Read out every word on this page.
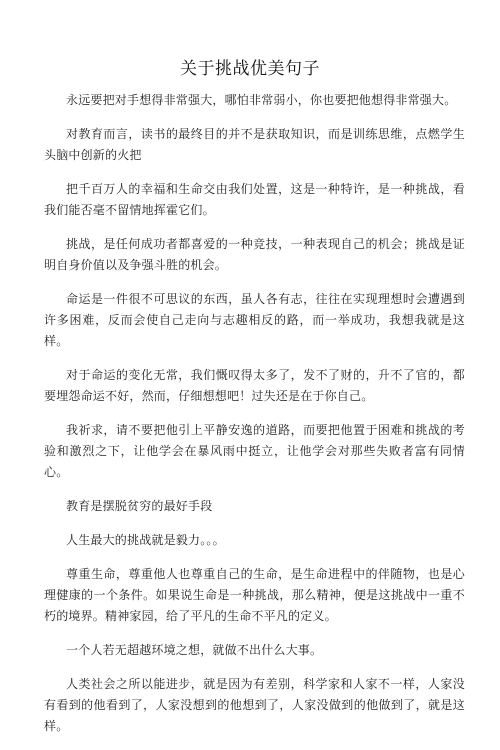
关于挑战优美句子

永远要把对手想得非常强大，哪怕非常弱小，你也要把他想得非常强大。

对教育而言，读书的最终目的并不是获取知识，而是训练思维，点燃学生头脑中创新的火把

把千百万人的幸福和生命交由我们处置，这是一种特许，是一种挑战，看我们能否毫不留情地挥霍它们。

挑战，是任何成功者都喜爱的一种竞技，一种表现自己的机会；挑战是证明自身价值以及争强斗胜的机会。

命运是一件很不可思议的东西，虽人各有志，往往在实现理想时会遭遇到许多困难，反而会使自己走向与志趣相反的路，而一举成功，我想我就是这样。

对于命运的变化无常，我们慨叹得太多了，发不了财的，升不了官的，都要埋怨命运不好，然而，仔细想想吧！过失还是在于你自己。

我祈求，请不要把他引上平静安逸的道路，而要把他置于困难和挑战的考验和激烈之下，让他学会在暴风雨中挺立，让他学会对那些失败者富有同情心。

教育是摆脱贫穷的最好手段

人生最大的挑战就是毅力。。。

尊重生命，尊重他人也尊重自己的生命，是生命进程中的伴随物，也是心理健康的一个条件。如果说生命是一种挑战，那么精神，便是这挑战中一重不朽的境界。精神家园，给了平凡的生命不平凡的定义。

一个人若无超越环境之想，就做不出什么大事。

人类社会之所以能进步，就是因为有差别，科学家和人家不一样，人家没有看到的他看到了，人家没想到的他想到了，人家没做到的他做到了，就是这样。
